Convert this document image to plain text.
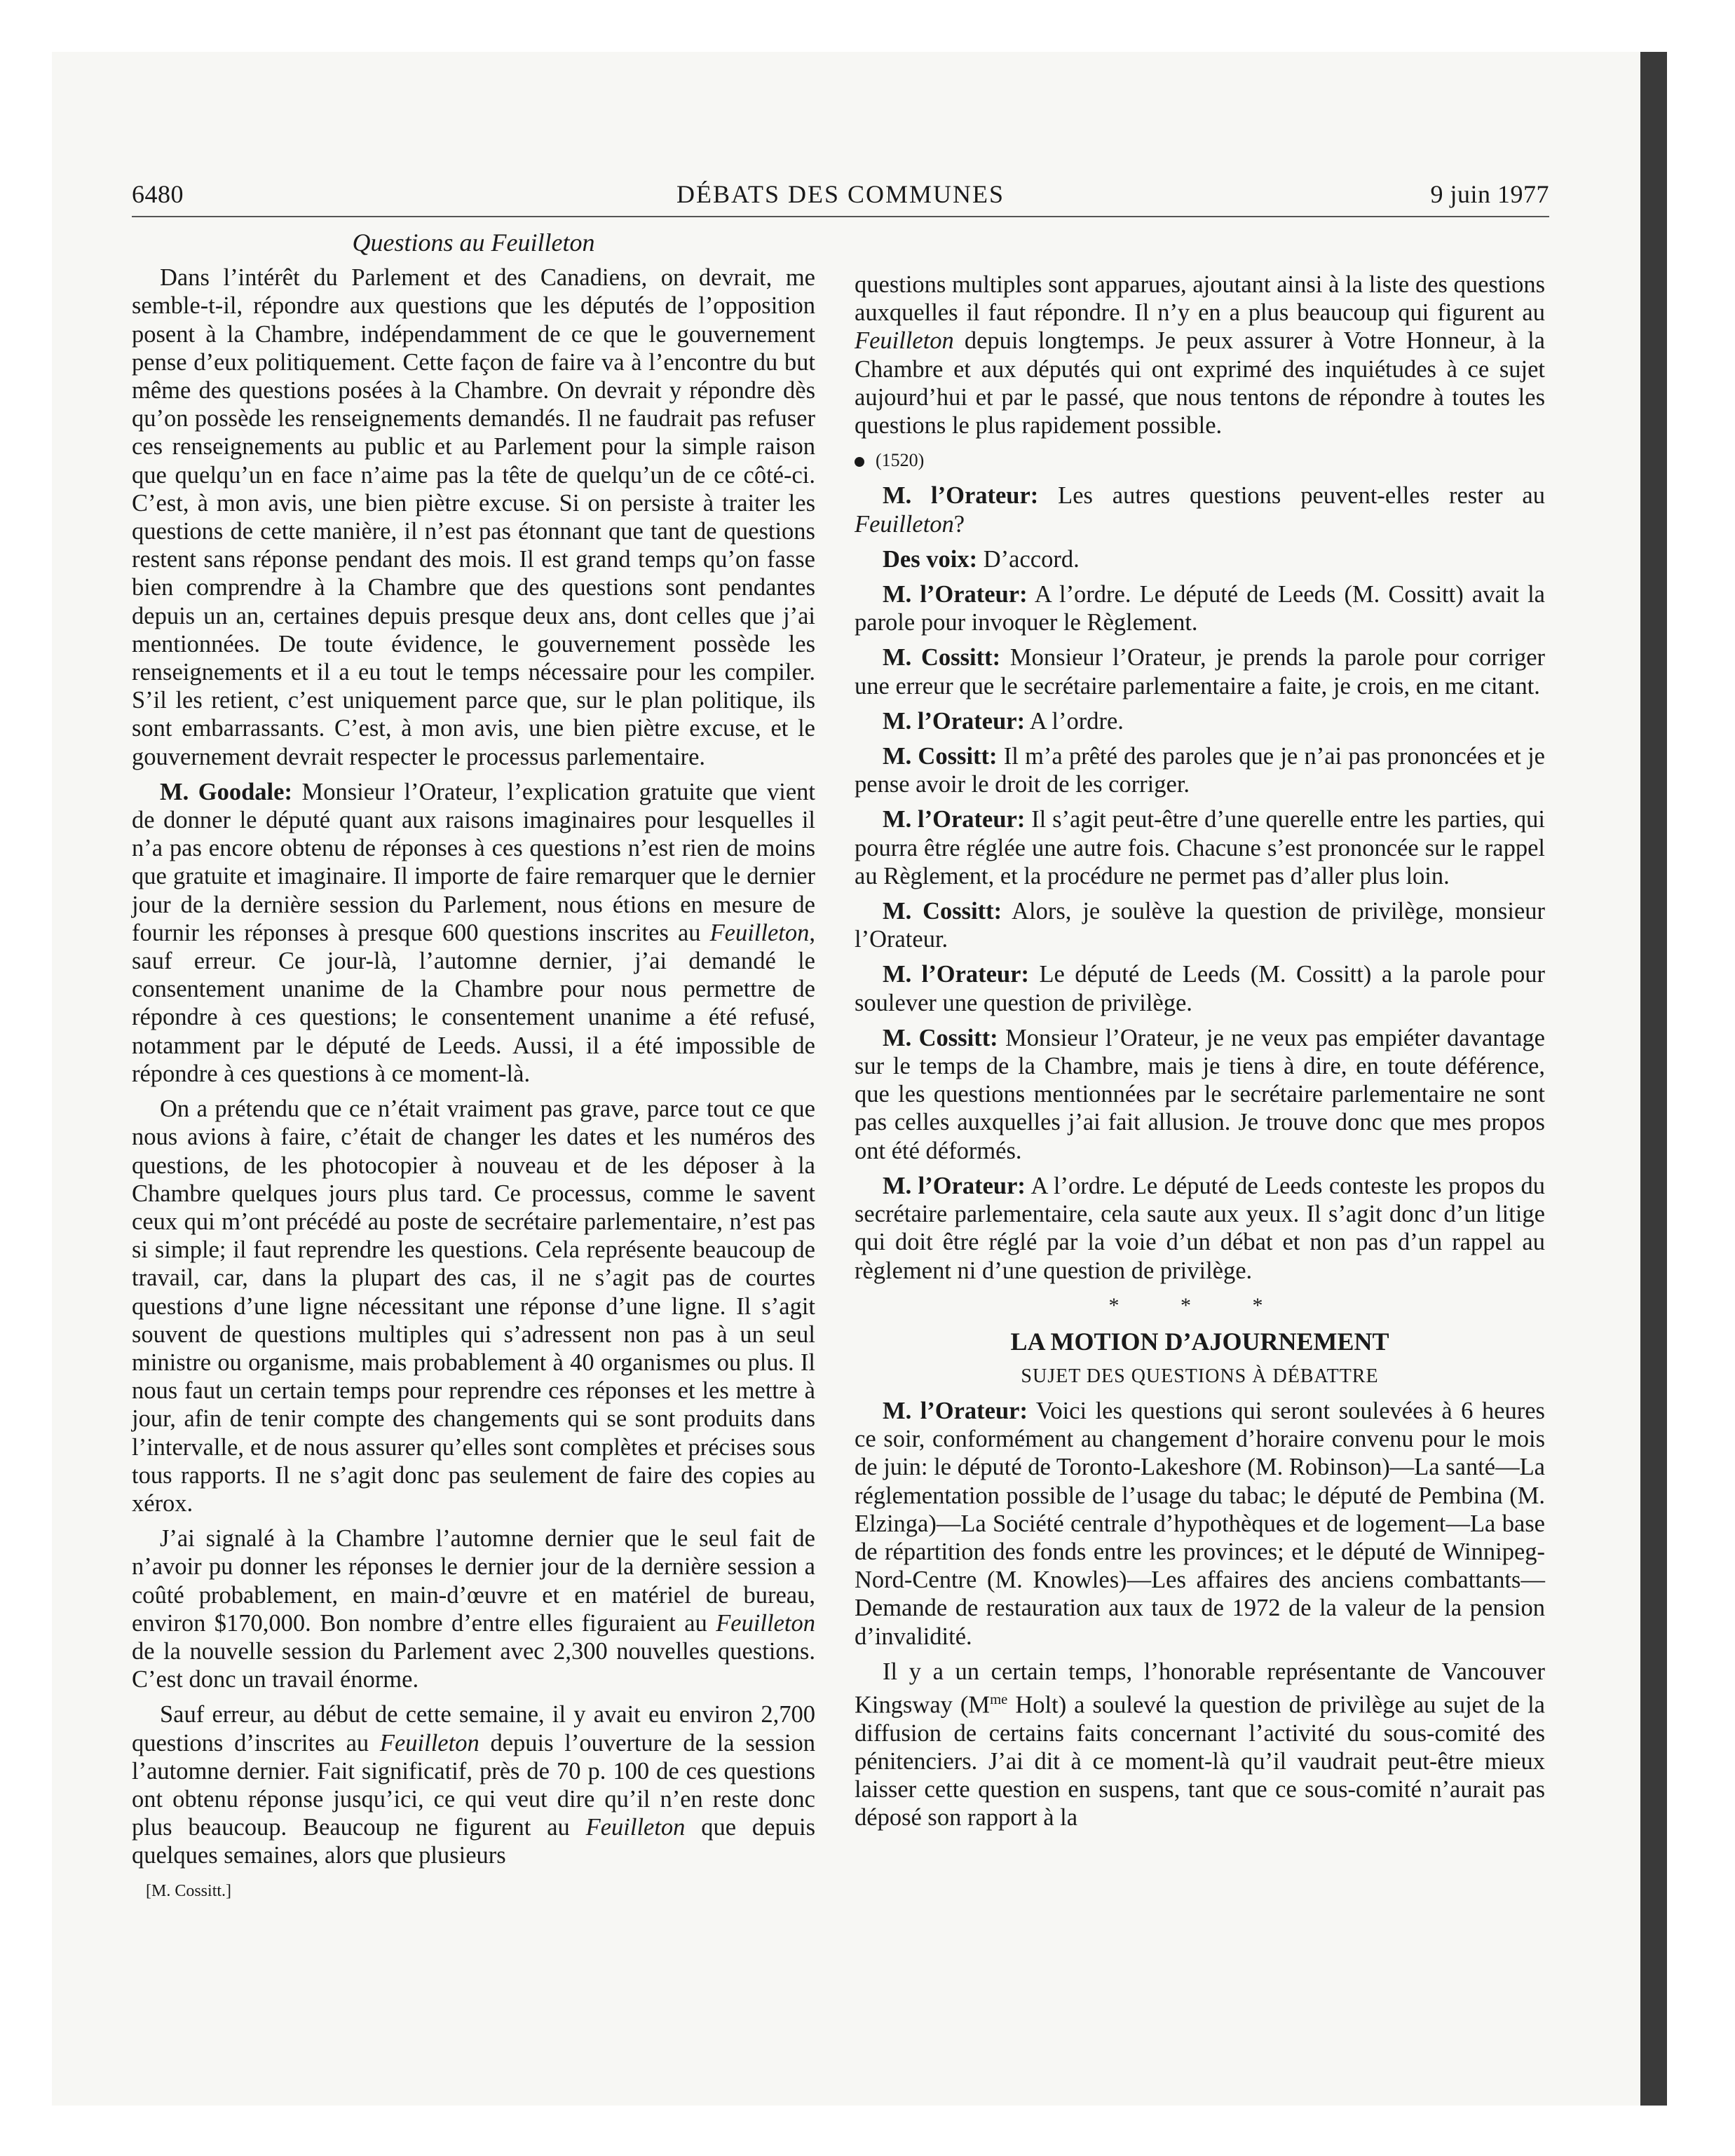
6480	DÉBATS DES COMMUNES	9 juin 1977

Questions au Feuilleton

Dans l’intérêt du Parlement et des Canadiens, on devrait, me semble-t-il, répondre aux questions que les députés de l’opposition posent à la Chambre, indépendamment de ce que le gouvernement pense d’eux politiquement. Cette façon de faire va à l’encontre du but même des questions posées à la Chambre. On devrait y répondre dès qu’on possède les renseignements demandés. Il ne faudrait pas refuser ces renseignements au public et au Parlement pour la simple raison que quelqu’un en face n’aime pas la tête de quelqu’un de ce côté-ci. C’est, à mon avis, une bien piètre excuse. Si on persiste à traiter les questions de cette manière, il n’est pas étonnant que tant de questions restent sans réponse pendant des mois. Il est grand temps qu’on fasse bien comprendre à la Chambre que des questions sont pendantes depuis un an, certaines depuis presque deux ans, dont celles que j’ai mentionnées. De toute évidence, le gouvernement possède les renseignements et il a eu tout le temps nécessaire pour les compiler. S’il les retient, c’est uniquement parce que, sur le plan politique, ils sont embarrassants. C’est, à mon avis, une bien piètre excuse, et le gouvernement devrait respecter le processus parlementaire.

M. Goodale: Monsieur l’Orateur, l’explication gratuite que vient de donner le député quant aux raisons imaginaires pour lesquelles il n’a pas encore obtenu de réponses à ces questions n’est rien de moins que gratuite et imaginaire. Il importe de faire remarquer que le dernier jour de la dernière session du Parlement, nous étions en mesure de fournir les réponses à presque 600 questions inscrites au Feuilleton, sauf erreur. Ce jour-là, l’automne dernier, j’ai demandé le consentement unanime de la Chambre pour nous permettre de répondre à ces questions; le consentement unanime a été refusé, notamment par le député de Leeds. Aussi, il a été impossible de répondre à ces questions à ce moment-là.

On a prétendu que ce n’était vraiment pas grave, parce tout ce que nous avions à faire, c’était de changer les dates et les numéros des questions, de les photocopier à nouveau et de les déposer à la Chambre quelques jours plus tard. Ce processus, comme le savent ceux qui m’ont précédé au poste de secrétaire parlementaire, n’est pas si simple; il faut reprendre les questions. Cela représente beaucoup de travail, car, dans la plupart des cas, il ne s’agit pas de courtes questions d’une ligne nécessitant une réponse d’une ligne. Il s’agit souvent de questions multiples qui s’adressent non pas à un seul ministre ou organisme, mais probablement à 40 organismes ou plus. Il nous faut un certain temps pour reprendre ces réponses et les mettre à jour, afin de tenir compte des changements qui se sont produits dans l’intervalle, et de nous assurer qu’elles sont complètes et précises sous tous rapports. Il ne s’agit donc pas seulement de faire des copies au xérox.

J’ai signalé à la Chambre l’automne dernier que le seul fait de n’avoir pu donner les réponses le dernier jour de la dernière session a coûté probablement, en main-d’œuvre et en matériel de bureau, environ $170,000. Bon nombre d’entre elles figuraient au Feuilleton de la nouvelle session du Parlement avec 2,300 nouvelles questions. C’est donc un travail énorme.

Sauf erreur, au début de cette semaine, il y avait eu environ 2,700 questions d’inscrites au Feuilleton depuis l’ouverture de la session l’automne dernier. Fait significatif, près de 70 p. 100 de ces questions ont obtenu réponse jusqu’ici, ce qui veut dire qu’il n’en reste donc plus beaucoup. Beaucoup ne figurent au Feuilleton que depuis quelques semaines, alors que plusieurs

[M. Cossitt.]

questions multiples sont apparues, ajoutant ainsi à la liste des questions auxquelles il faut répondre. Il n’y en a plus beaucoup qui figurent au Feuilleton depuis longtemps. Je peux assurer à Votre Honneur, à la Chambre et aux députés qui ont exprimé des inquiétudes à ce sujet aujourd’hui et par le passé, que nous tentons de répondre à toutes les questions le plus rapidement possible.

(1520)

M. l’Orateur: Les autres questions peuvent-elles rester au Feuilleton?

Des voix: D’accord.

M. l’Orateur: A l’ordre. Le député de Leeds (M. Cossitt) avait la parole pour invoquer le Règlement.

M. Cossitt: Monsieur l’Orateur, je prends la parole pour corriger une erreur que le secrétaire parlementaire a faite, je crois, en me citant.

M. l’Orateur: A l’ordre.

M. Cossitt: Il m’a prêté des paroles que je n’ai pas prononcées et je pense avoir le droit de les corriger.

M. l’Orateur: Il s’agit peut-être d’une querelle entre les parties, qui pourra être réglée une autre fois. Chacune s’est prononcée sur le rappel au Règlement, et la procédure ne permet pas d’aller plus loin.

M. Cossitt: Alors, je soulève la question de privilège, monsieur l’Orateur.

M. l’Orateur: Le député de Leeds (M. Cossitt) a la parole pour soulever une question de privilège.

M. Cossitt: Monsieur l’Orateur, je ne veux pas empiéter davantage sur le temps de la Chambre, mais je tiens à dire, en toute déférence, que les questions mentionnées par le secrétaire parlementaire ne sont pas celles auxquelles j’ai fait allusion. Je trouve donc que mes propos ont été déformés.

M. l’Orateur: A l’ordre. Le député de Leeds conteste les propos du secrétaire parlementaire, cela saute aux yeux. Il s’agit donc d’un litige qui doit être réglé par la voie d’un débat et non pas d’un rappel au règlement ni d’une question de privilège.

* * *

LA MOTION D’AJOURNEMENT

SUJET DES QUESTIONS À DÉBATTRE

M. l’Orateur: Voici les questions qui seront soulevées à 6 heures ce soir, conformément au changement d’horaire convenu pour le mois de juin: le député de Toronto-Lakeshore (M. Robinson)—La santé—La réglementation possible de l’usage du tabac; le député de Pembina (M. Elzinga)—La Société centrale d’hypothèques et de logement—La base de répartition des fonds entre les provinces; et le député de Winnipeg-Nord-Centre (M. Knowles)—Les affaires des anciens combattants—Demande de restauration aux taux de 1972 de la valeur de la pension d’invalidité.

Il y a un certain temps, l’honorable représentante de Vancouver Kingsway ($M^{me}$ Holt) a soulevé la question de privilège au sujet de la diffusion de certains faits concernant l’activité du sous-comité des pénitenciers. J’ai dit à ce moment-là qu’il vaudrait peut-être mieux laisser cette question en suspens, tant que ce sous-comité n’aurait pas déposé son rapport à la
